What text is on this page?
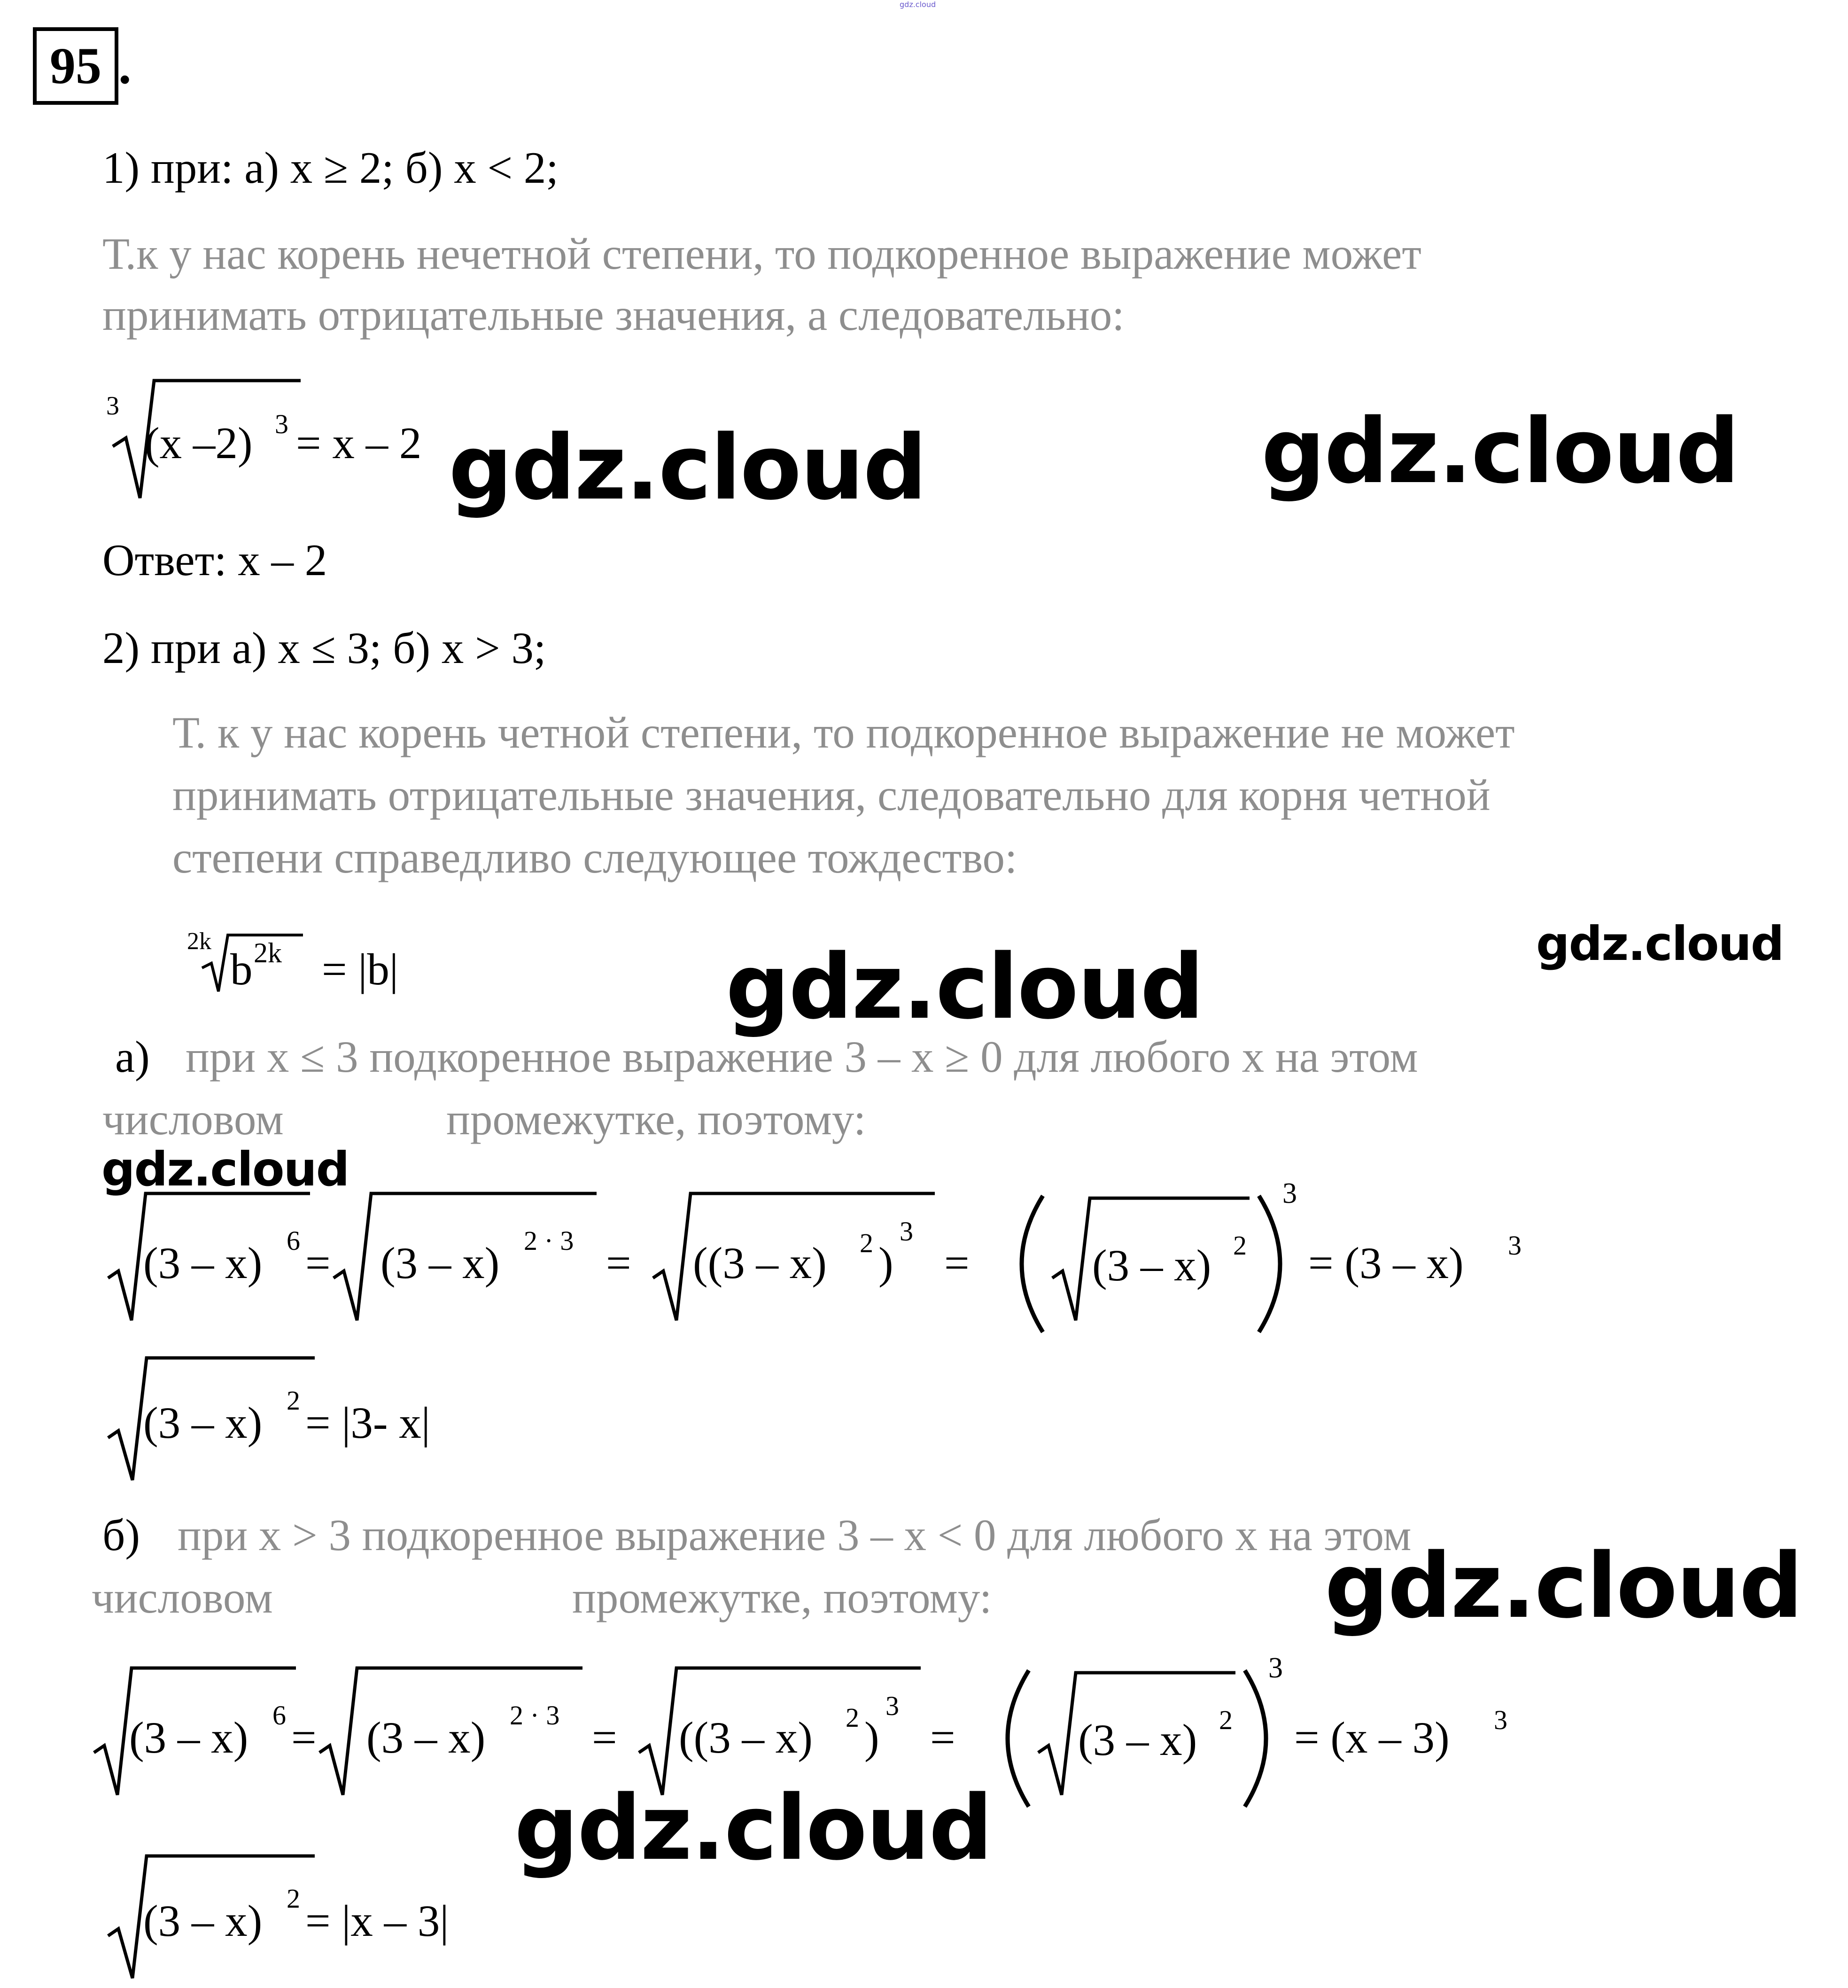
gdz.cloud
95 .
1) при: а) х ≥ 2; б) х < 2;
Т.к у нас корень нечетной степени, то подкоренное выражение может
принимать отрицательные значения, а следовательно:
3
(х –2) 3 = х – 2
Ответ: х – 2
2) при а) х ≤ 3; б) х > 3;
Т. к у нас корень четной степени, то подкоренное выражение не может
принимать отрицательные значения, следовательно для корня четной
степени справедливо следующее тождество:
2k
b 2k = |b|
а) при х ≤ 3 подкоренное выражение 3 – х ≥ 0 для любого х на этом
числовом	промежутке, поэтому:
(3 – х) 6 = (3 – х) 2 · 3 = ((3 – х) 2 )
3
=	(3 – х) 2
3
= (3 – х) 3
(3 – х) 2 = |3- х|
б) при х > 3 подкоренное выражение 3 – х < 0 для любого х на этом
числовом	промежутке, поэтому:
(3 – х) 6 = (3 – х) 2 · 3 = ((3 – х) 2 )
3
=	(3 – х) 2
3
= (х – 3) 3
(3 – х) 2 = |х – 3|
gdz.cloud	gdz.cloud
gdz.cloud	gdz.cloud
gdz.cloud
gdz.cloud
gdz.cloud
